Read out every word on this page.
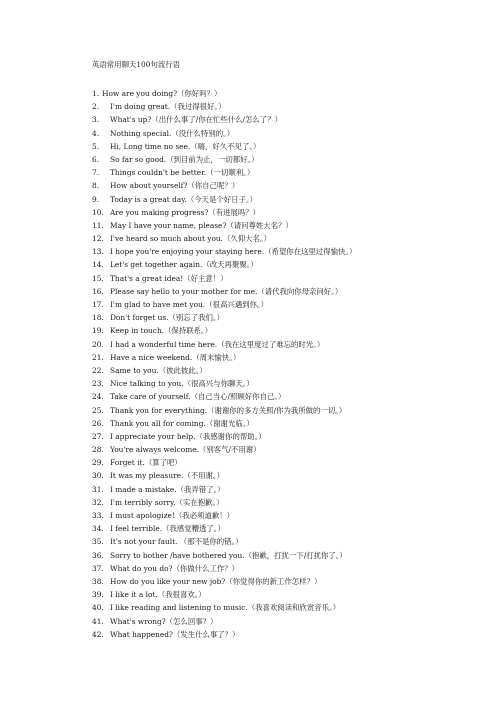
英语常用聊天100句流行语
1. How are you doing?（你好吗？）
2.	I'm doing great.（我过得很好。）
3.	What's up?（出什么事了/你在忙些什么/怎么了？）
4.	Nothing special.（没什么特别的。）
5.	Hi, Long time no see.（嗨，好久不见了。）
6.	So far so good.（到目前为止，一切都好。）
7.	Things couldn't be better.（一切顺利。）
8.	How about yourself?（你自己呢？）
9.	Today is a great day.（今天是个好日子。）
10. Are you making progress?（有进展吗？）
11. May I have your name, please?（请问尊姓大名？）
12. I've heard so much about you.（久仰大名。）
13. I hope you're enjoying your staying here.（希望你在这里过得愉快。）
14. Let's get together again.（改天再聚聚。）
15. That's a great idea!（好主意！）
16. Please say hello to your mother for me.（请代我向你母亲问好。）
17. I'm glad to have met you.（很高兴遇到你。）
18. Don't forget us.（别忘了我们。）
19. Keep in touch.（保持联系。）
20. I had a wonderful time here.（我在这里度过了难忘的时光。）
21. Have a nice weekend.（周末愉快。）
22. Same to you.（彼此彼此。）
23. Nice talking to you.（很高兴与你聊天。）
24. Take care of yourself.（自己当心/照顾好你自己。）
25. Thank you for everything.（谢谢你的多方关照/你为我所做的一切。）
26. Thank you all for coming.（谢谢光临。）
27. I appreciate your help.（我感谢你的帮助。）
28. You're always welcome.（别客气/不用谢）
29. Forget it.（算了吧）
30. It was my pleasure.（不用谢。）
31. I made a mistake.（我弄错了。）
32. I'm terribly sorry.（实在抱歉。）
33. I must apologize!（我必须道歉！）
34. I feel terrible.（我感觉糟透了。）
35. It's not your fault. （那不是你的错。）
36. Sorry to bother /have bothered you.（抱歉，打扰一下/打扰你了。）
37. What do you do?（你做什么工作？）
38. How do you like your new job?（你觉得你的新工作怎样？）
39. I like it a lot.（我很喜欢。）
40. I like reading and listening to music.（我喜欢阅读和欣赏音乐。）
41. What's wrong?（怎么回事？）
42. What happened?（发生什么事了？）
